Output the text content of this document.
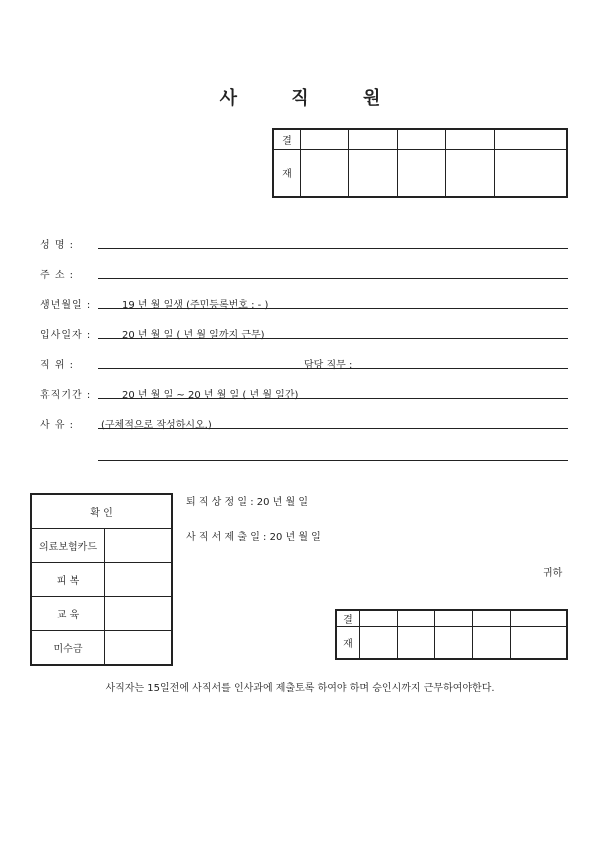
사 직 원
결					
재					
성 명 :
주 소 :
생년월일 :	19 년 월 일생 (주민등록번호 : - )
입사일자 :	20 년 월 일 ( 년 월 일까지 근무)
직 위 :	담당 직무 :
휴직기간 :	20 년 월 일 ~ 20 년 월 일 ( 년 월 일간)
사 유 :	(구체적으로 작성하시오.)
확 인	
의료보험카드	
피 복	
교 육	
미수금	
퇴 직 상 정 일 : 20 년 월 일
사 직 서 제 출 일 : 20 년 월 일
귀하
결					
재					
사직자는 15일전에 사직서를 인사과에 제출토록 하여야 하며 승인시까지 근무하여야한다.
